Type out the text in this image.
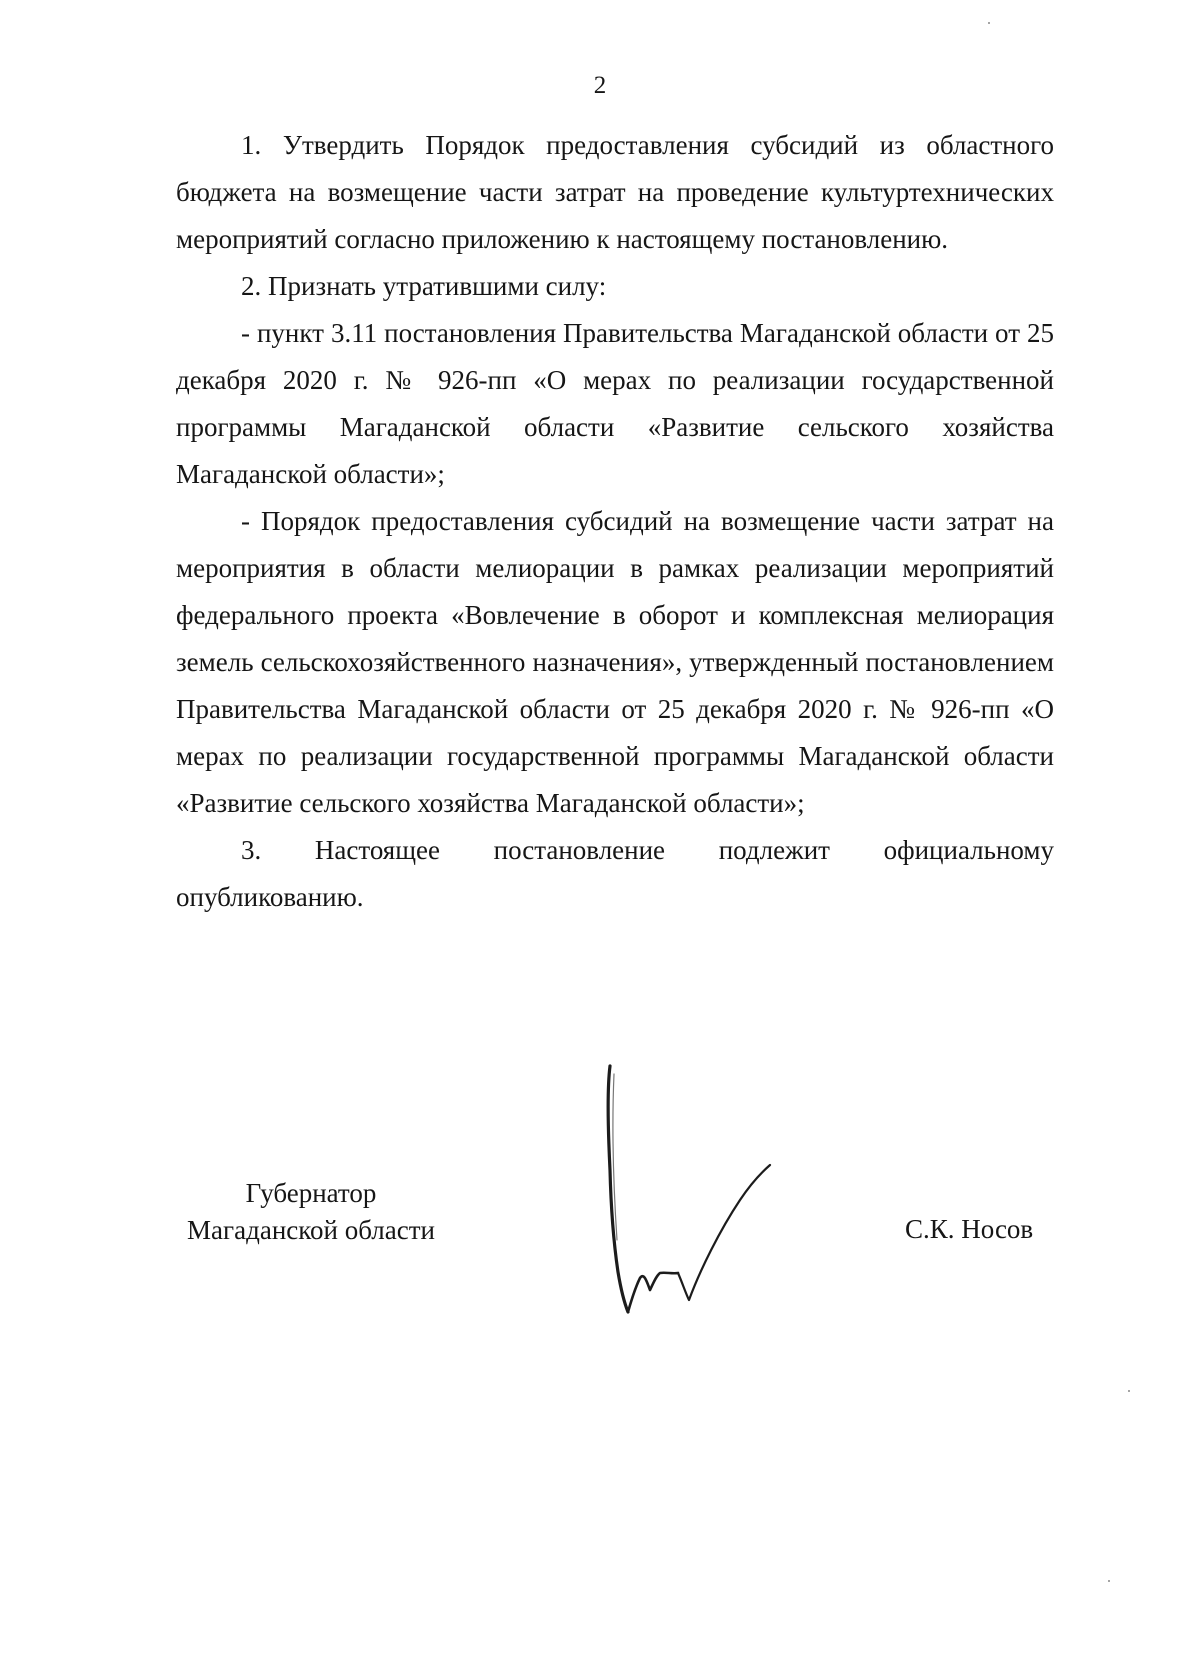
2

1. Утвердить Порядок предоставления субсидий из областного бюджета на возмещение части затрат на проведение культуртехнических мероприятий согласно приложению к настоящему постановлению.

2. Признать утратившими силу:

- пункт 3.11 постановления Правительства Магаданской области от 25 декабря 2020 г. № 926-пп «О мерах по реализации государственной программы Магаданской области «Развитие сельского хозяйства Магаданской области»;

- Порядок предоставления субсидий на возмещение части затрат на мероприятия в области мелиорации в рамках реализации мероприятий федерального проекта «Вовлечение в оборот и комплексная мелиорация земель сельскохозяйственного назначения», утвержденный постановлением Правительства Магаданской области от 25 декабря 2020 г. № 926-пп «О мерах по реализации государственной программы Магаданской области «Развитие сельского хозяйства Магаданской области»;

3. Настоящее постановление подлежит официальному опубликованию.

Губернатор
Магаданской области	С.К. Носов
